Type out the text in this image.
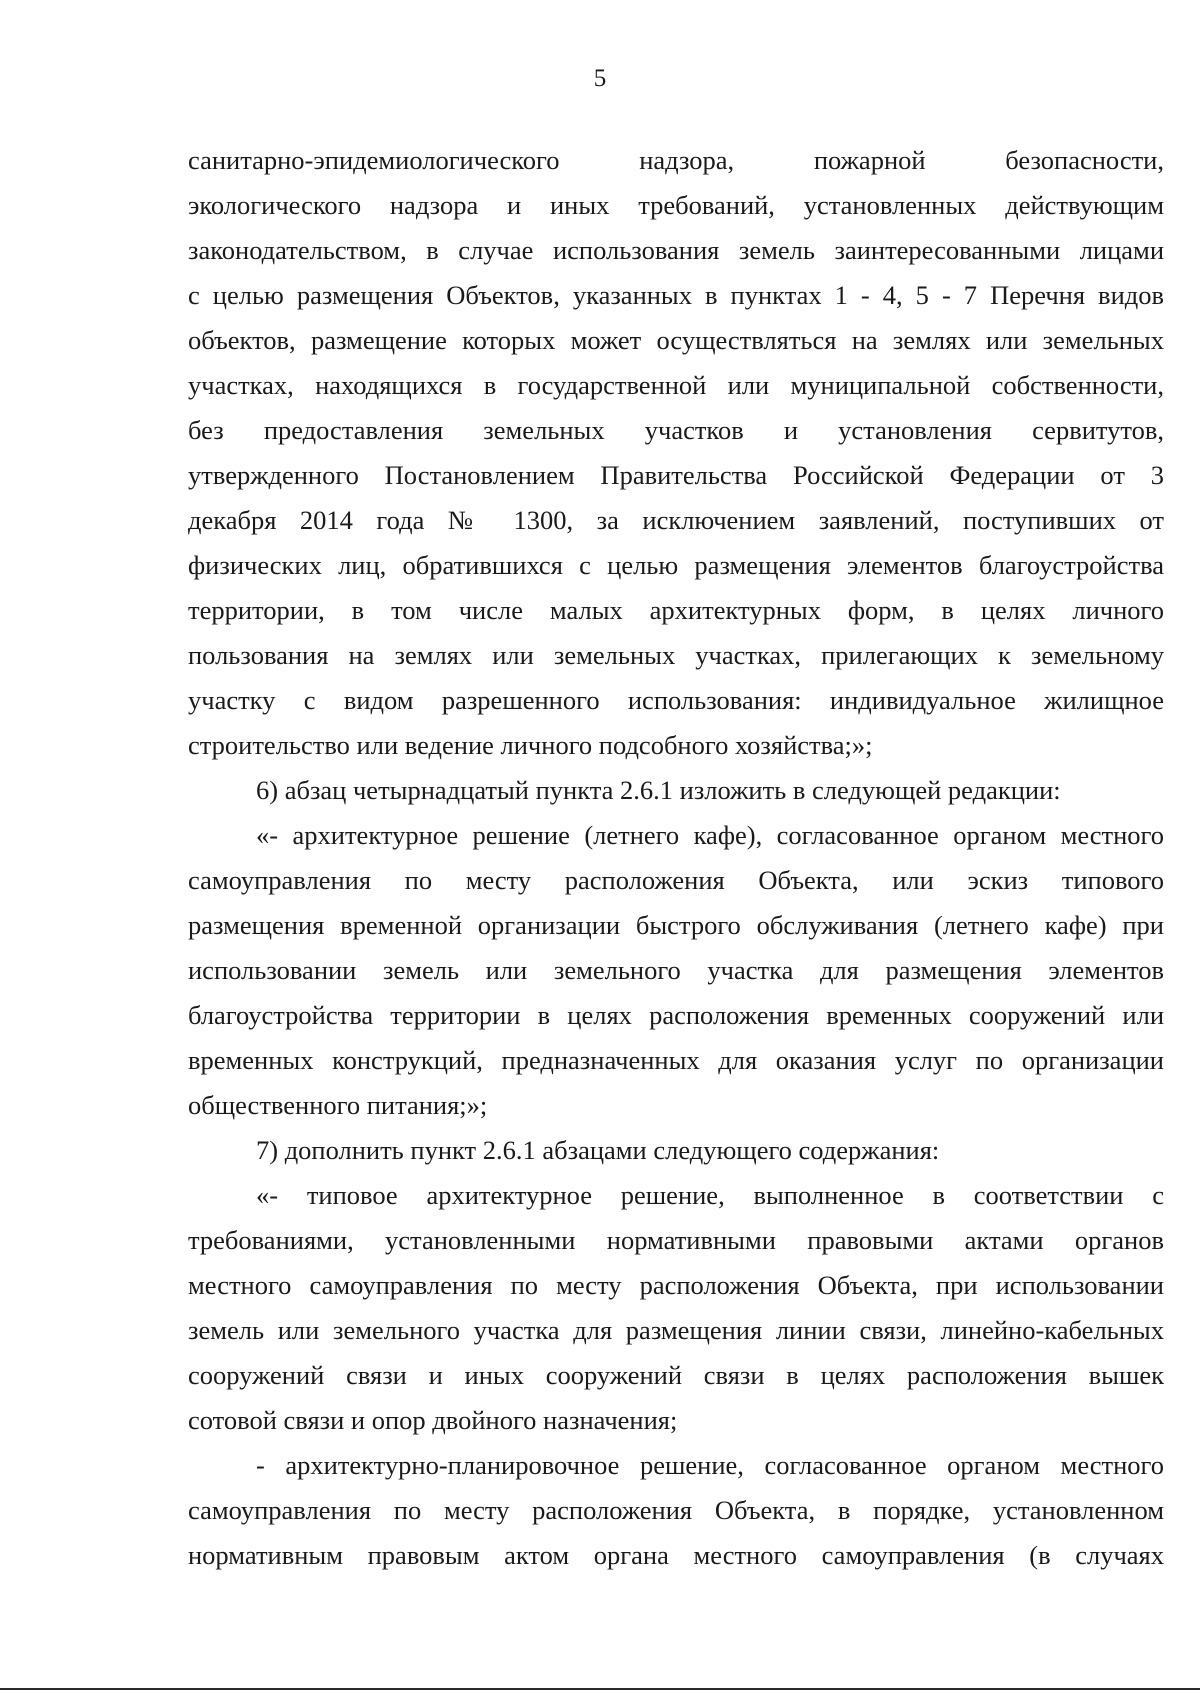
5
санитарно-эпидемиологического надзора, пожарной безопасности,
экологического надзора и иных требований, установленных действующим
законодательством, в случае использования земель заинтересованными лицами
с целью размещения Объектов, указанных в пунктах 1 - 4, 5 - 7 Перечня видов
объектов, размещение которых может осуществляться на землях или земельных
участках, находящихся в государственной или муниципальной собственности,
без предоставления земельных участков и установления сервитутов,
утвержденного Постановлением Правительства Российской Федерации от 3
декабря 2014 года № 1300, за исключением заявлений, поступивших от
физических лиц, обратившихся с целью размещения элементов благоустройства
территории, в том числе малых архитектурных форм, в целях личного
пользования на землях или земельных участках, прилегающих к земельному
участку с видом разрешенного использования: индивидуальное жилищное
строительство или ведение личного подсобного хозяйства;»;
6) абзац четырнадцатый пункта 2.6.1 изложить в следующей редакции:
«- архитектурное решение (летнего кафе), согласованное органом местного
самоуправления по месту расположения Объекта, или эскиз типового
размещения временной организации быстрого обслуживания (летнего кафе) при
использовании земель или земельного участка для размещения элементов
благоустройства территории в целях расположения временных сооружений или
временных конструкций, предназначенных для оказания услуг по организации
общественного питания;»;
7) дополнить пункт 2.6.1 абзацами следующего содержания:
«- типовое архитектурное решение, выполненное в соответствии с
требованиями, установленными нормативными правовыми актами органов
местного самоуправления по месту расположения Объекта, при использовании
земель или земельного участка для размещения линии связи, линейно-кабельных
сооружений связи и иных сооружений связи в целях расположения вышек
сотовой связи и опор двойного назначения;
- архитектурно-планировочное решение, согласованное органом местного
самоуправления по месту расположения Объекта, в порядке, установленном
нормативным правовым актом органа местного самоуправления (в случаях
